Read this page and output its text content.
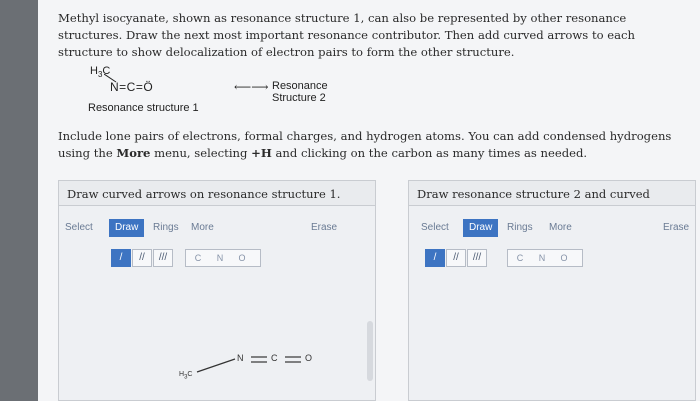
Methyl isocyanate, shown as resonance structure 1, can also be represented by other resonance structures. Draw the next most important resonance contributor. Then add curved arrows to each structure to show delocalization of electron pairs to form the other structure.

$H_3C$
N=C=Ö	⟵⟶ Resonance Structure 2
Resonance structure 1

Include lone pairs of electrons, formal charges, and hydrogen atoms. You can add condensed hydrogens using the More menu, selecting +H and clicking on the carbon as many times as needed.

Draw curved arrows on resonance structure 1.
Select	Draw	Rings More	Erase
/	//	///	C	N	O
$H_3C$
N	C	O
Draw resonance structure 2 and curved
Select	Draw	Rings More	Erase
/	//	///	C	N	O
